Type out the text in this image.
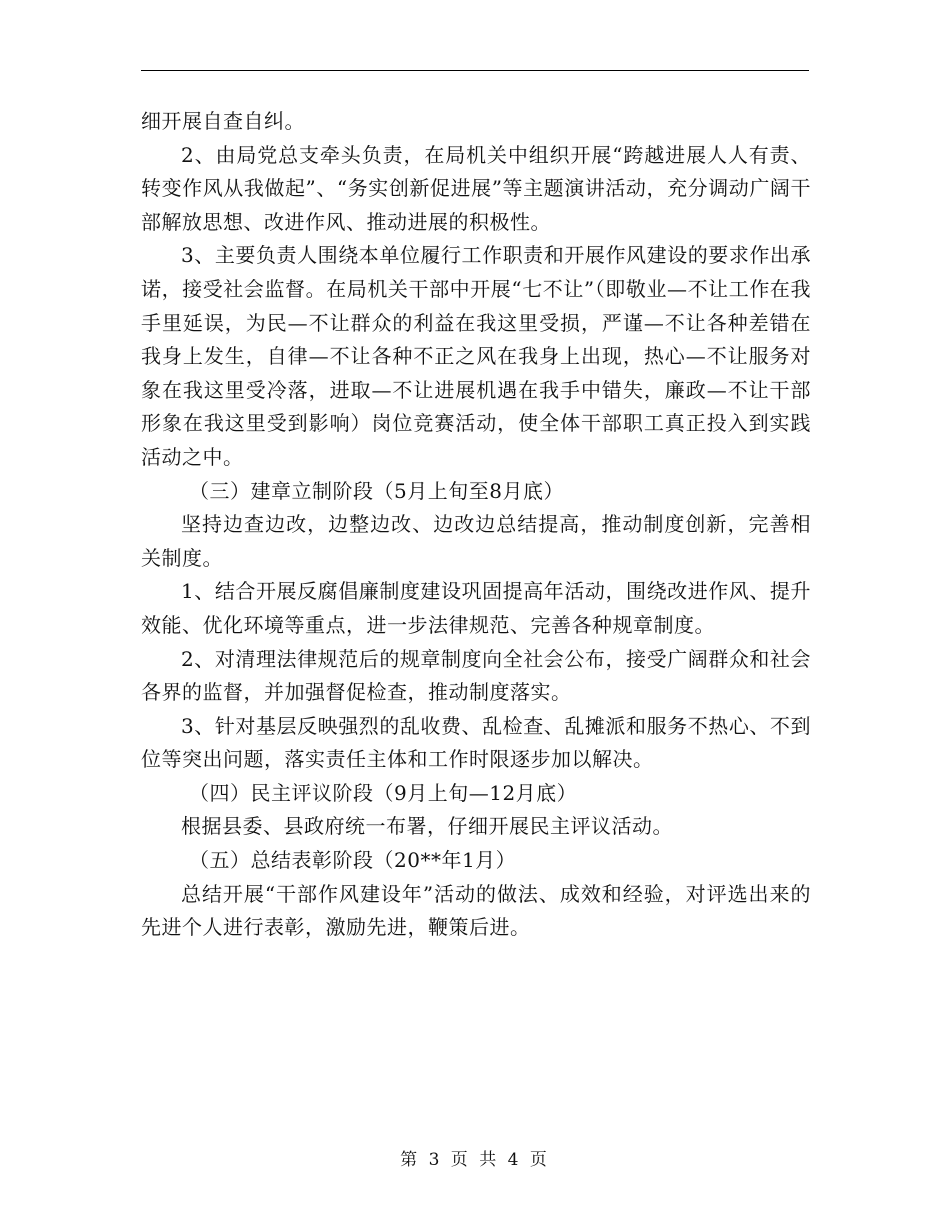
细开展自查自纠。

2、由局党总支牵头负责，在局机关中组织开展“跨越进展人人有责、转变作风从我做起”、“务实创新促进展”等主题演讲活动，充分调动广阔干部解放思想、改进作风、推动进展的积极性。

3、主要负责人围绕本单位履行工作职责和开展作风建设的要求作出承诺，接受社会监督。在局机关干部中开展“七不让”（即敬业—不让工作在我手里延误，为民—不让群众的利益在我这里受损，严谨—不让各种差错在我身上发生，自律—不让各种不正之风在我身上出现，热心—不让服务对象在我这里受冷落，进取—不让进展机遇在我手中错失，廉政—不让干部形象在我这里受到影响）岗位竞赛活动，使全体干部职工真正投入到实践活动之中。

（三）建章立制阶段（5月上旬至8月底）

坚持边查边改，边整边改、边改边总结提高，推动制度创新，完善相关制度。

1、结合开展反腐倡廉制度建设巩固提高年活动，围绕改进作风、提升效能、优化环境等重点，进一步法律规范、完善各种规章制度。

2、对清理法律规范后的规章制度向全社会公布，接受广阔群众和社会各界的监督，并加强督促检查，推动制度落实。

3、针对基层反映强烈的乱收费、乱检查、乱摊派和服务不热心、不到位等突出问题，落实责任主体和工作时限逐步加以解决。

（四）民主评议阶段（9月上旬—12月底）

根据县委、县政府统一布署，仔细开展民主评议活动。

（五）总结表彰阶段（20**年1月）

总结开展“干部作风建设年”活动的做法、成效和经验，对评选出来的先进个人进行表彰，激励先进，鞭策后进。

第 3 页 共 4 页
